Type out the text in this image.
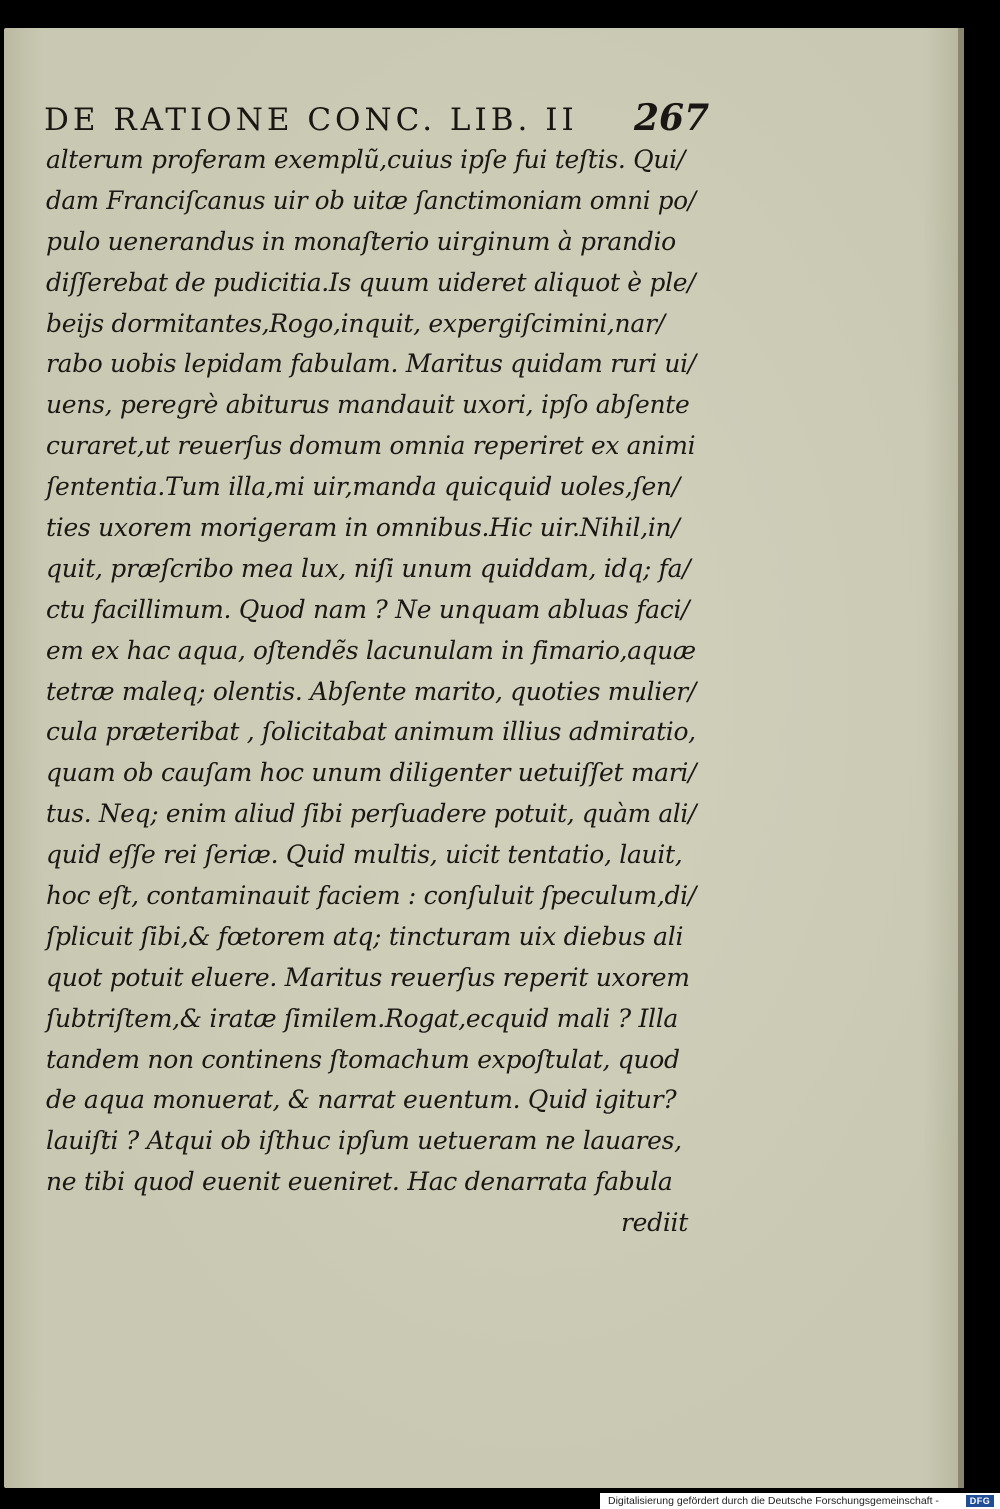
DE RATIONE CONC. LIB. II 267
alterum proferam exemplũ,cuius ipſe fui teſtis. Qui/
dam Franciſcanus uir ob uitæ ſanctimoniam omni po/
pulo uenerandus in monaſterio uirginum à prandio
diſſerebat de pudicitia.Is quum uideret aliquot è ple/
beijs dormitantes,Rogo,inquit, expergiſcimini,nar/
rabo uobis lepidam fabulam. Maritus quidam ruri ui/
uens, peregrè abiturus mandauit uxori, ipſo abſente
curaret,ut reuerſus domum omnia reperiret ex animi
ſententia.Tum illa,mi uir,manda quicquid uoles,ſen/
ties uxorem morigeram in omnibus.Hic uir.Nihil,in/
quit, præſcribo mea lux, niſi unum quiddam, idq; fa/
ctu facillimum. Quod nam ? Ne unquam abluas faci/
em ex hac aqua, oſtendẽs lacunulam in fimario,aquæ
tetræ maleq; olentis. Abſente marito, quoties mulier/
cula præteribat , ſolicitabat animum illius admiratio,
quam ob cauſam hoc unum diligenter uetuiſſet mari/
tus. Neq; enim aliud ſibi perſuadere potuit, quàm ali/
quid eſſe rei ſeriæ. Quid multis, uicit tentatio, lauit,
hoc eſt, contaminauit faciem : conſuluit ſpeculum,di/
ſplicuit ſibi,& fœtorem atq; tincturam uix diebus ali
quot potuit eluere. Maritus reuerſus reperit uxorem
ſubtriſtem,& iratæ ſimilem.Rogat,ecquid mali ? Illa
tandem non continens ſtomachum expoſtulat, quod
de aqua monuerat, & narrat euentum. Quid igitur?
lauiſti ? Atqui ob iſthuc ipſum uetueram ne lauares,
ne tibi quod euenit eueniret. Hac denarrata fabula
rediit
Digitalisierung gefördert durch die Deutsche Forschungsgemeinschaft -	DFG
